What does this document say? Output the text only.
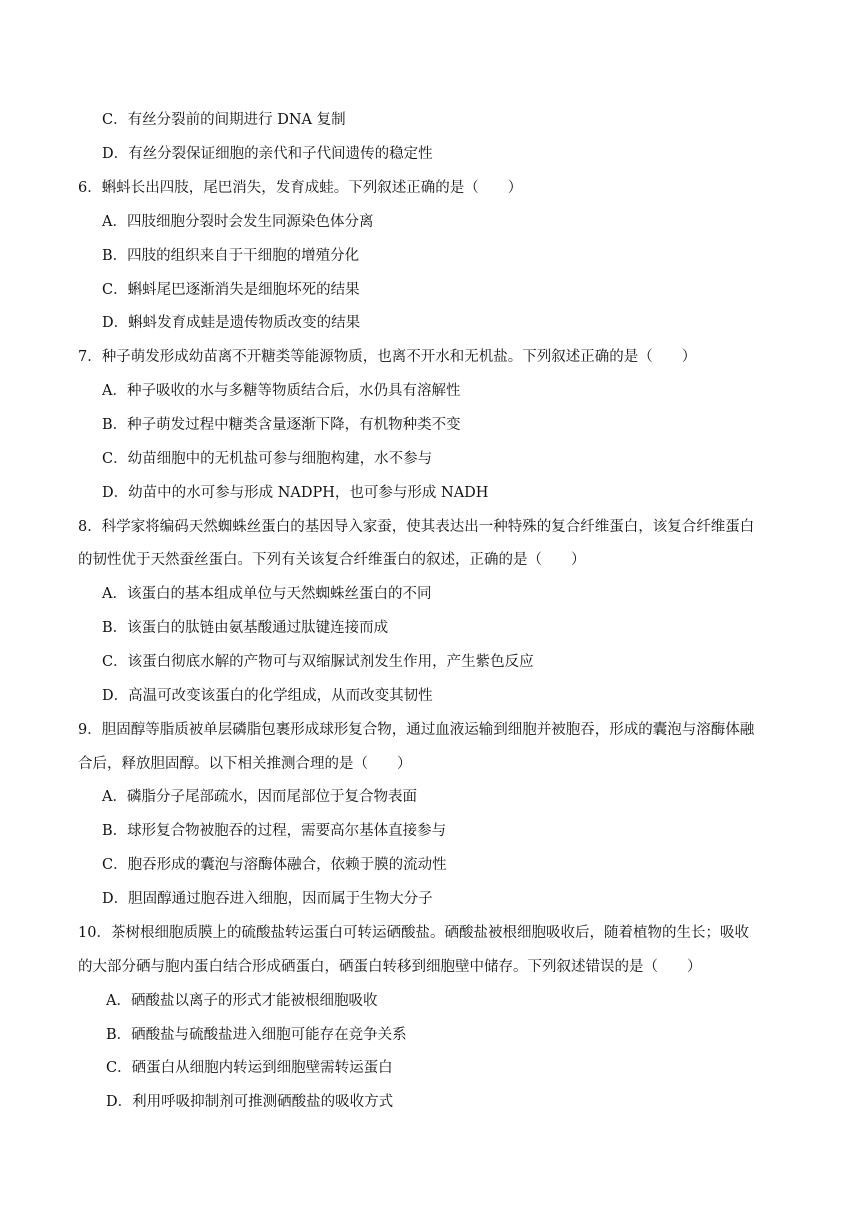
C．有丝分裂前的间期进行 DNA 复制
D．有丝分裂保证细胞的亲代和子代间遗传的稳定性
6．蝌蚪长出四肢，尾巴消失，发育成蛙。下列叙述正确的是（　　）
A．四肢细胞分裂时会发生同源染色体分离
B．四肢的组织来自于干细胞的增殖分化
C．蝌蚪尾巴逐渐消失是细胞坏死的结果
D．蝌蚪发育成蛙是遗传物质改变的结果
7．种子萌发形成幼苗离不开糖类等能源物质，也离不开水和无机盐。下列叙述正确的是（　　）
A．种子吸收的水与多糖等物质结合后，水仍具有溶解性
B．种子萌发过程中糖类含量逐渐下降，有机物种类不变
C．幼苗细胞中的无机盐可参与细胞构建，水不参与
D．幼苗中的水可参与形成 NADPH，也可参与形成 NADH
8．科学家将编码天然蜘蛛丝蛋白的基因导入家蚕，使其表达出一种特殊的复合纤维蛋白，该复合纤维蛋白
的韧性优于天然蚕丝蛋白。下列有关该复合纤维蛋白的叙述，正确的是（　　）
A．该蛋白的基本组成单位与天然蜘蛛丝蛋白的不同
B．该蛋白的肽链由氨基酸通过肽键连接而成
C．该蛋白彻底水解的产物可与双缩脲试剂发生作用，产生紫色反应
D．高温可改变该蛋白的化学组成，从而改变其韧性
9．胆固醇等脂质被单层磷脂包裹形成球形复合物，通过血液运输到细胞并被胞吞，形成的囊泡与溶酶体融
合后，释放胆固醇。以下相关推测合理的是（　　）
A．磷脂分子尾部疏水，因而尾部位于复合物表面
B．球形复合物被胞吞的过程，需要高尔基体直接参与
C．胞吞形成的囊泡与溶酶体融合，依赖于膜的流动性
D．胆固醇通过胞吞进入细胞，因而属于生物大分子
10．茶树根细胞质膜上的硫酸盐转运蛋白可转运硒酸盐。硒酸盐被根细胞吸收后，随着植物的生长；吸收
的大部分硒与胞内蛋白结合形成硒蛋白，硒蛋白转移到细胞壁中储存。下列叙述错误的是（　　）
A．硒酸盐以离子的形式才能被根细胞吸收
B．硒酸盐与硫酸盐进入细胞可能存在竞争关系
C．硒蛋白从细胞内转运到细胞壁需转运蛋白
D．利用呼吸抑制剂可推测硒酸盐的吸收方式
